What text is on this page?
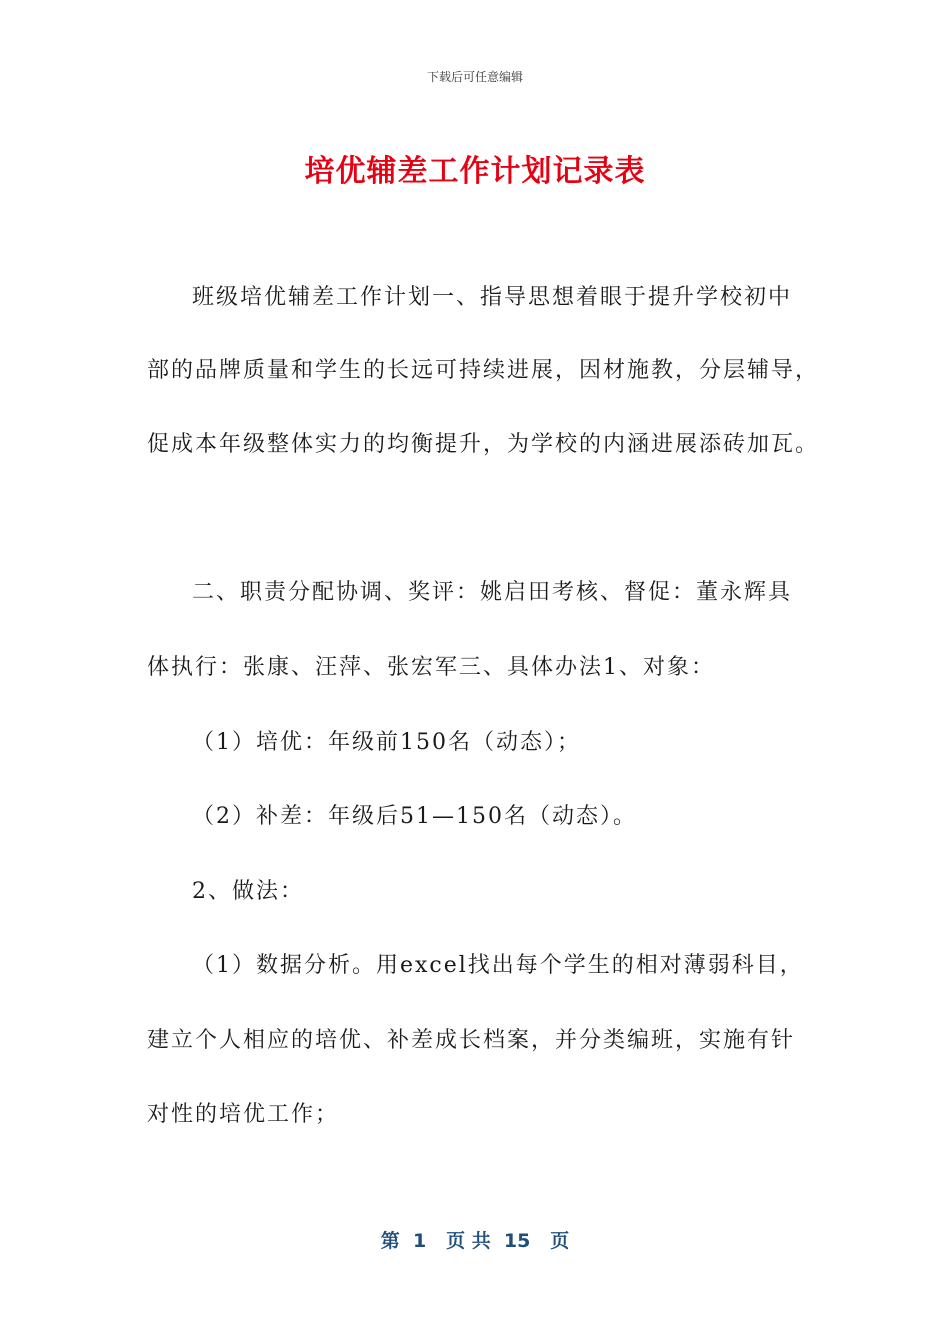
下载后可任意编辑
培优辅差工作计划记录表
班级培优辅差工作计划一、指导思想着眼于提升学校初中
部的品牌质量和学生的长远可持续进展，因材施教，分层辅导，
促成本年级整体实力的均衡提升，为学校的内涵进展添砖加瓦。
二、职责分配协调、奖评：姚启田考核、督促：董永辉具
体执行：张康、汪萍、张宏军三、具体办法1、对象：
（1）培优：年级前150名（动态）；
（2）补差：年级后51—150名（动态）。
2、做法：
（1）数据分析。用excel找出每个学生的相对薄弱科目，
建立个人相应的培优、补差成长档案，并分类编班，实施有针
对性的培优工作；
第  1   页 共  15   页
